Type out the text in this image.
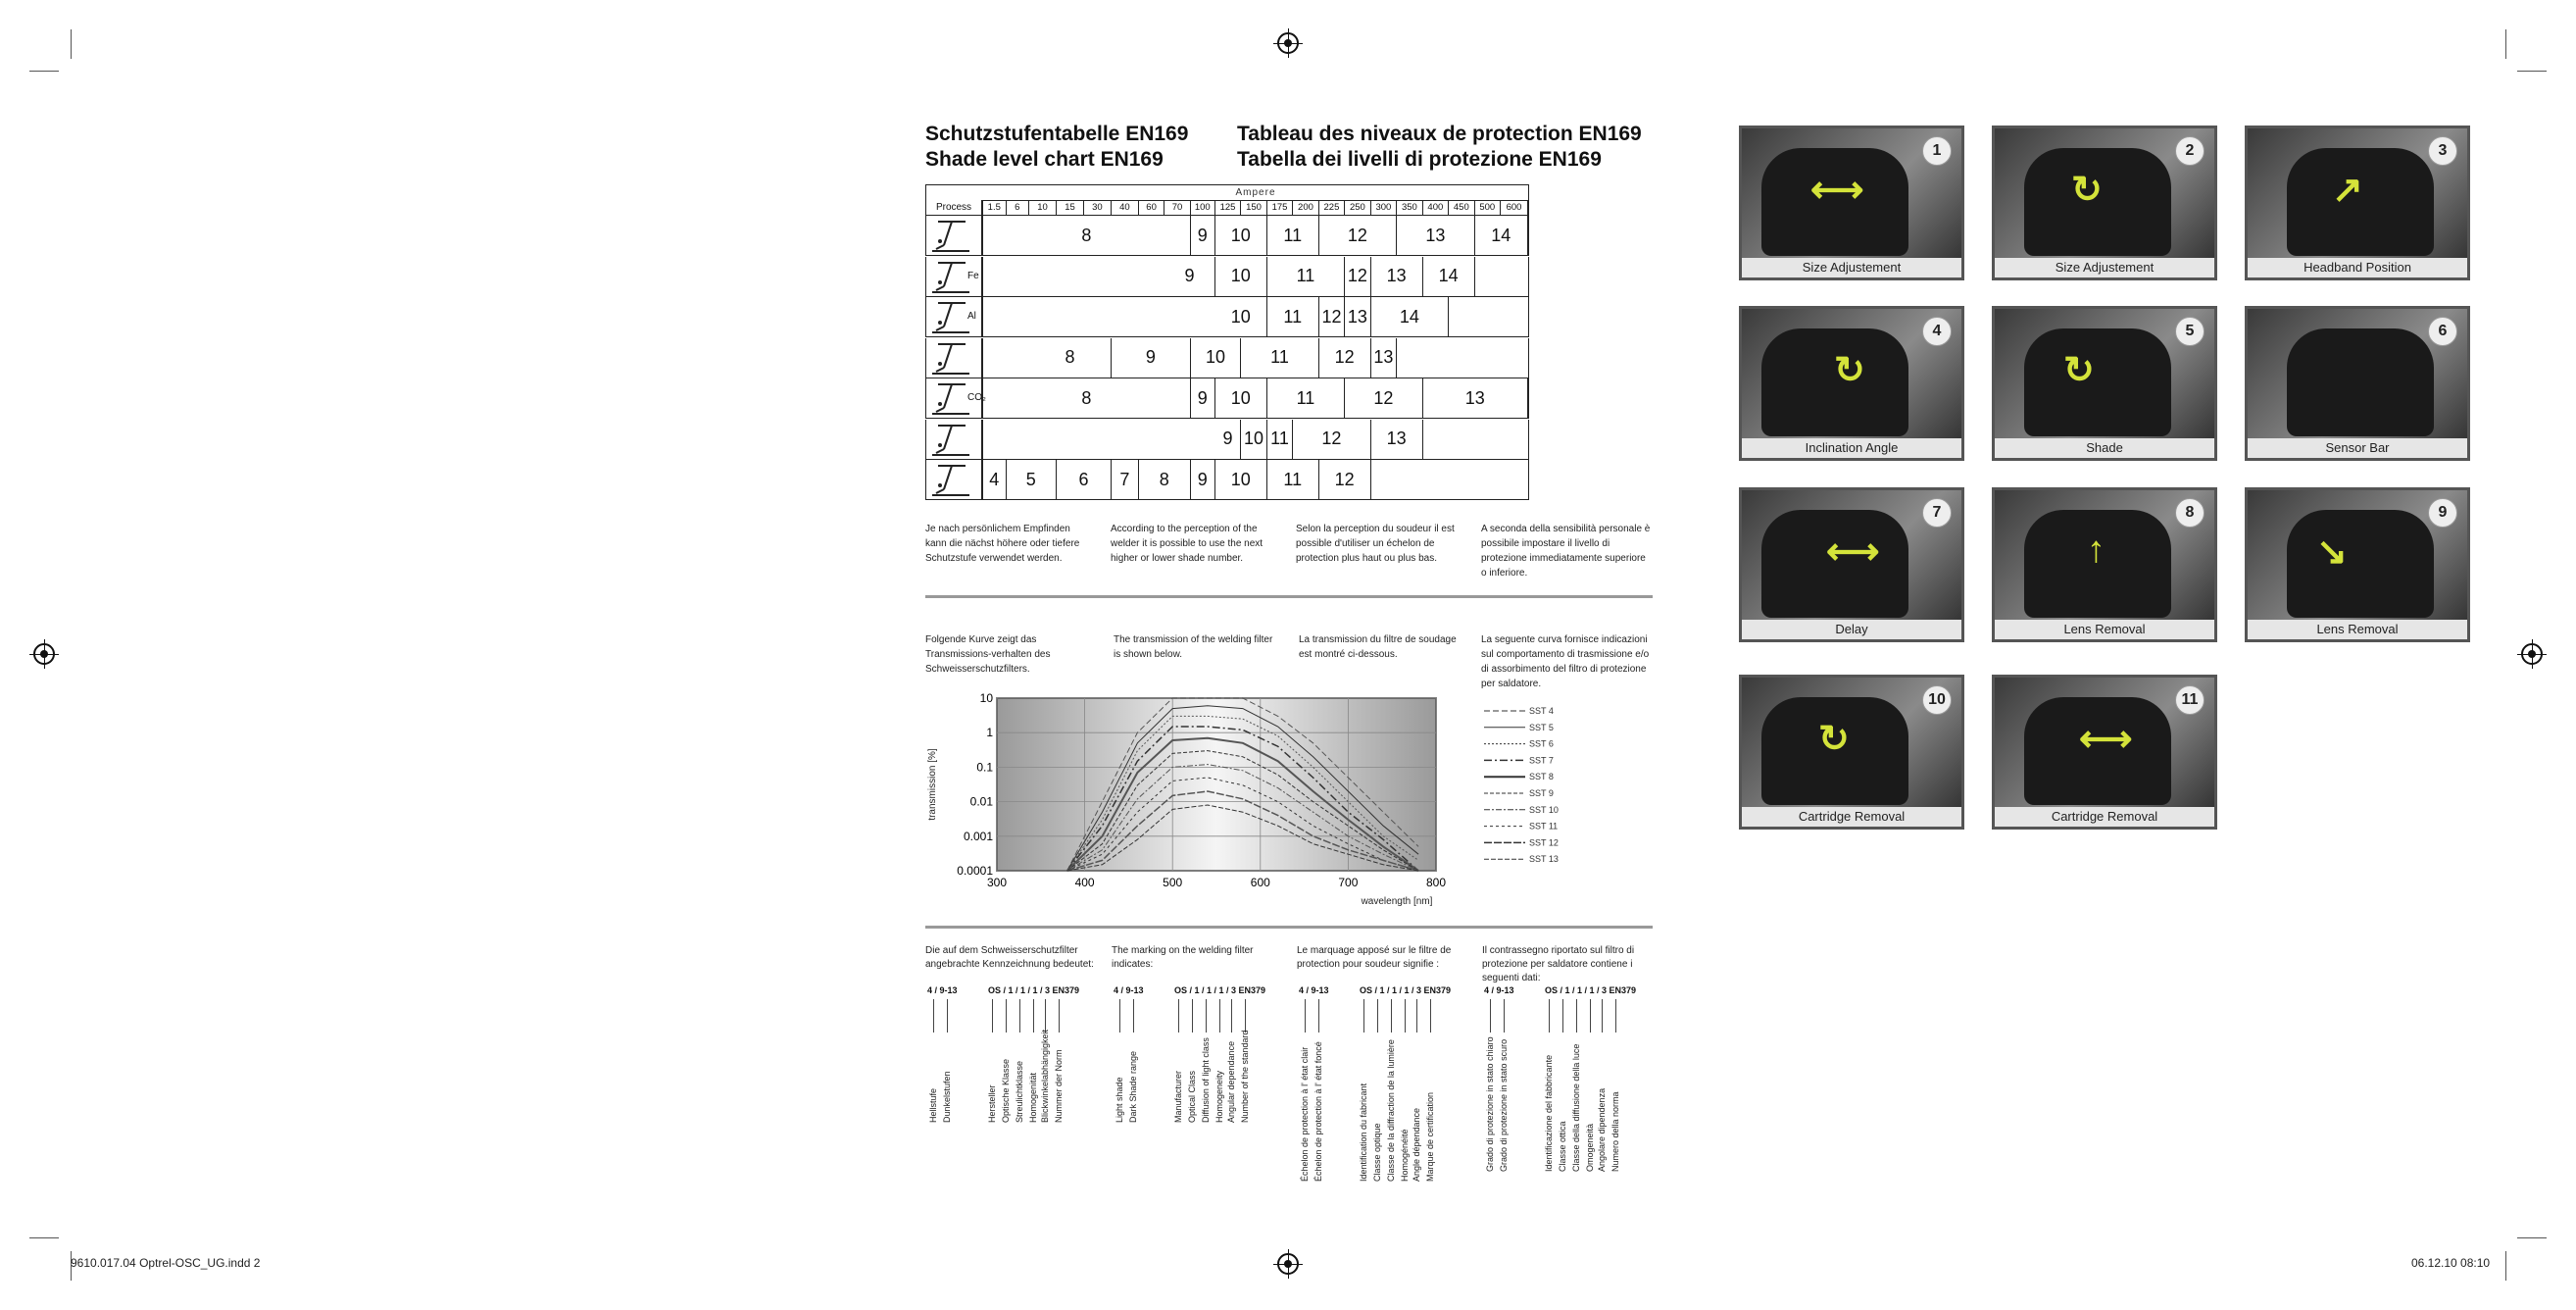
Schutzstufentabelle EN169
Shade level chart EN169
Tableau des niveaux de protection EN169
Tabella dei livelli di protezione EN169
Ampere
Process	1.5	6	10	15	30	40	60	70	100	125	150	175	200	225	250	300	350	400	450	500	600
8	9	10	11	12	13	14
Fe	9	10	11	12	13	14
Al	10	11	12 13	14
8	9	10	11	12	13
CO₂	8	9	10	11	12	13
9 10 11	12	13
4	5	6	7	8	9	10	11	12
Je nach persönlichem Empfinden kann die nächst höhere oder tiefere Schutzstufe verwendet werden.
According to the perception of the welder it is possible to use the next higher or lower shade number.
Selon la perception du soudeur il est possible d'utiliser un échelon de protection plus haut ou plus bas.
A seconda della sensibilità personale è possibile impostare il livello di protezione immediatamente superiore o inferiore.
Folgende Kurve zeigt das Transmissions-verhalten des Schweisserschutzfilters.
The transmission of the welding filter is shown below.
La transmission du filtre de soudage est montré ci-dessous.
La seguente curva fornisce indicazioni sul comportamento di trasmissione e/o di assorbimento del filtro di protezione per saldatore.
10
1
0.1
0.01
0.001
0.0001
300	400	500	600	700	800
wavelength [nm]
transmission [%]
SST 4
SST 5
SST 6
SST 7
SST 8
SST 9
SST 10
SST 11
SST 12
SST 13
Die auf dem Schweisserschutzfilter angebrachte Kennzeichnung bedeutet:
The marking on the welding filter indicates:
Le marquage apposé sur le filtre de protection pour soudeur signifie :
Il contrassegno riportato sul filtro di protezione per saldatore contiene i seguenti dati:
4 / 9-13	OS / 1 / 1 / 1 / 3 EN379
Hellstufe Dunkelstufen	Hersteller Optische Klasse Streulichtklasse Homogenität Blickwinkelabhängigkeit Nummer der Norm
4 / 9-13	OS / 1 / 1 / 1 / 3 EN379
Light shade Dark Shade range	Manufacturer Optical Class Diffusion of light class Homogeneity Angular dependance Number of the standard
4 / 9-13	OS / 1 / 1 / 1 / 3 EN379
Échelon de protection à l' état clair Échelon de protection à l' état foncé	Identification du fabricant Classe optique Classe de la diffraction de la lumière Homogénéité Angle dépendance Marque de certification
4 / 9-13	OS / 1 / 1 / 1 / 3 EN379
Grado di protezione in stato chiaro Grado di protezione in stato scuro	Identificazione del fabbricante Classe ottica Classe della diffusione della luce Omogeneità Angolare dipendenza Numero della norma
⟷
1
Size Adjustement
↻
2
Size Adjustement
↗
3
Headband Position
↻
4
Inclination Angle
↻
5
Shade
6
Sensor Bar
⟷
7
Delay
↑
8
Lens Removal
↘
9
Lens Removal
↻
10
Cartridge Removal
⟷
11
Cartridge Removal
9610.017.04 Optrel-OSC_UG.indd 2	06.12.10 08:10
